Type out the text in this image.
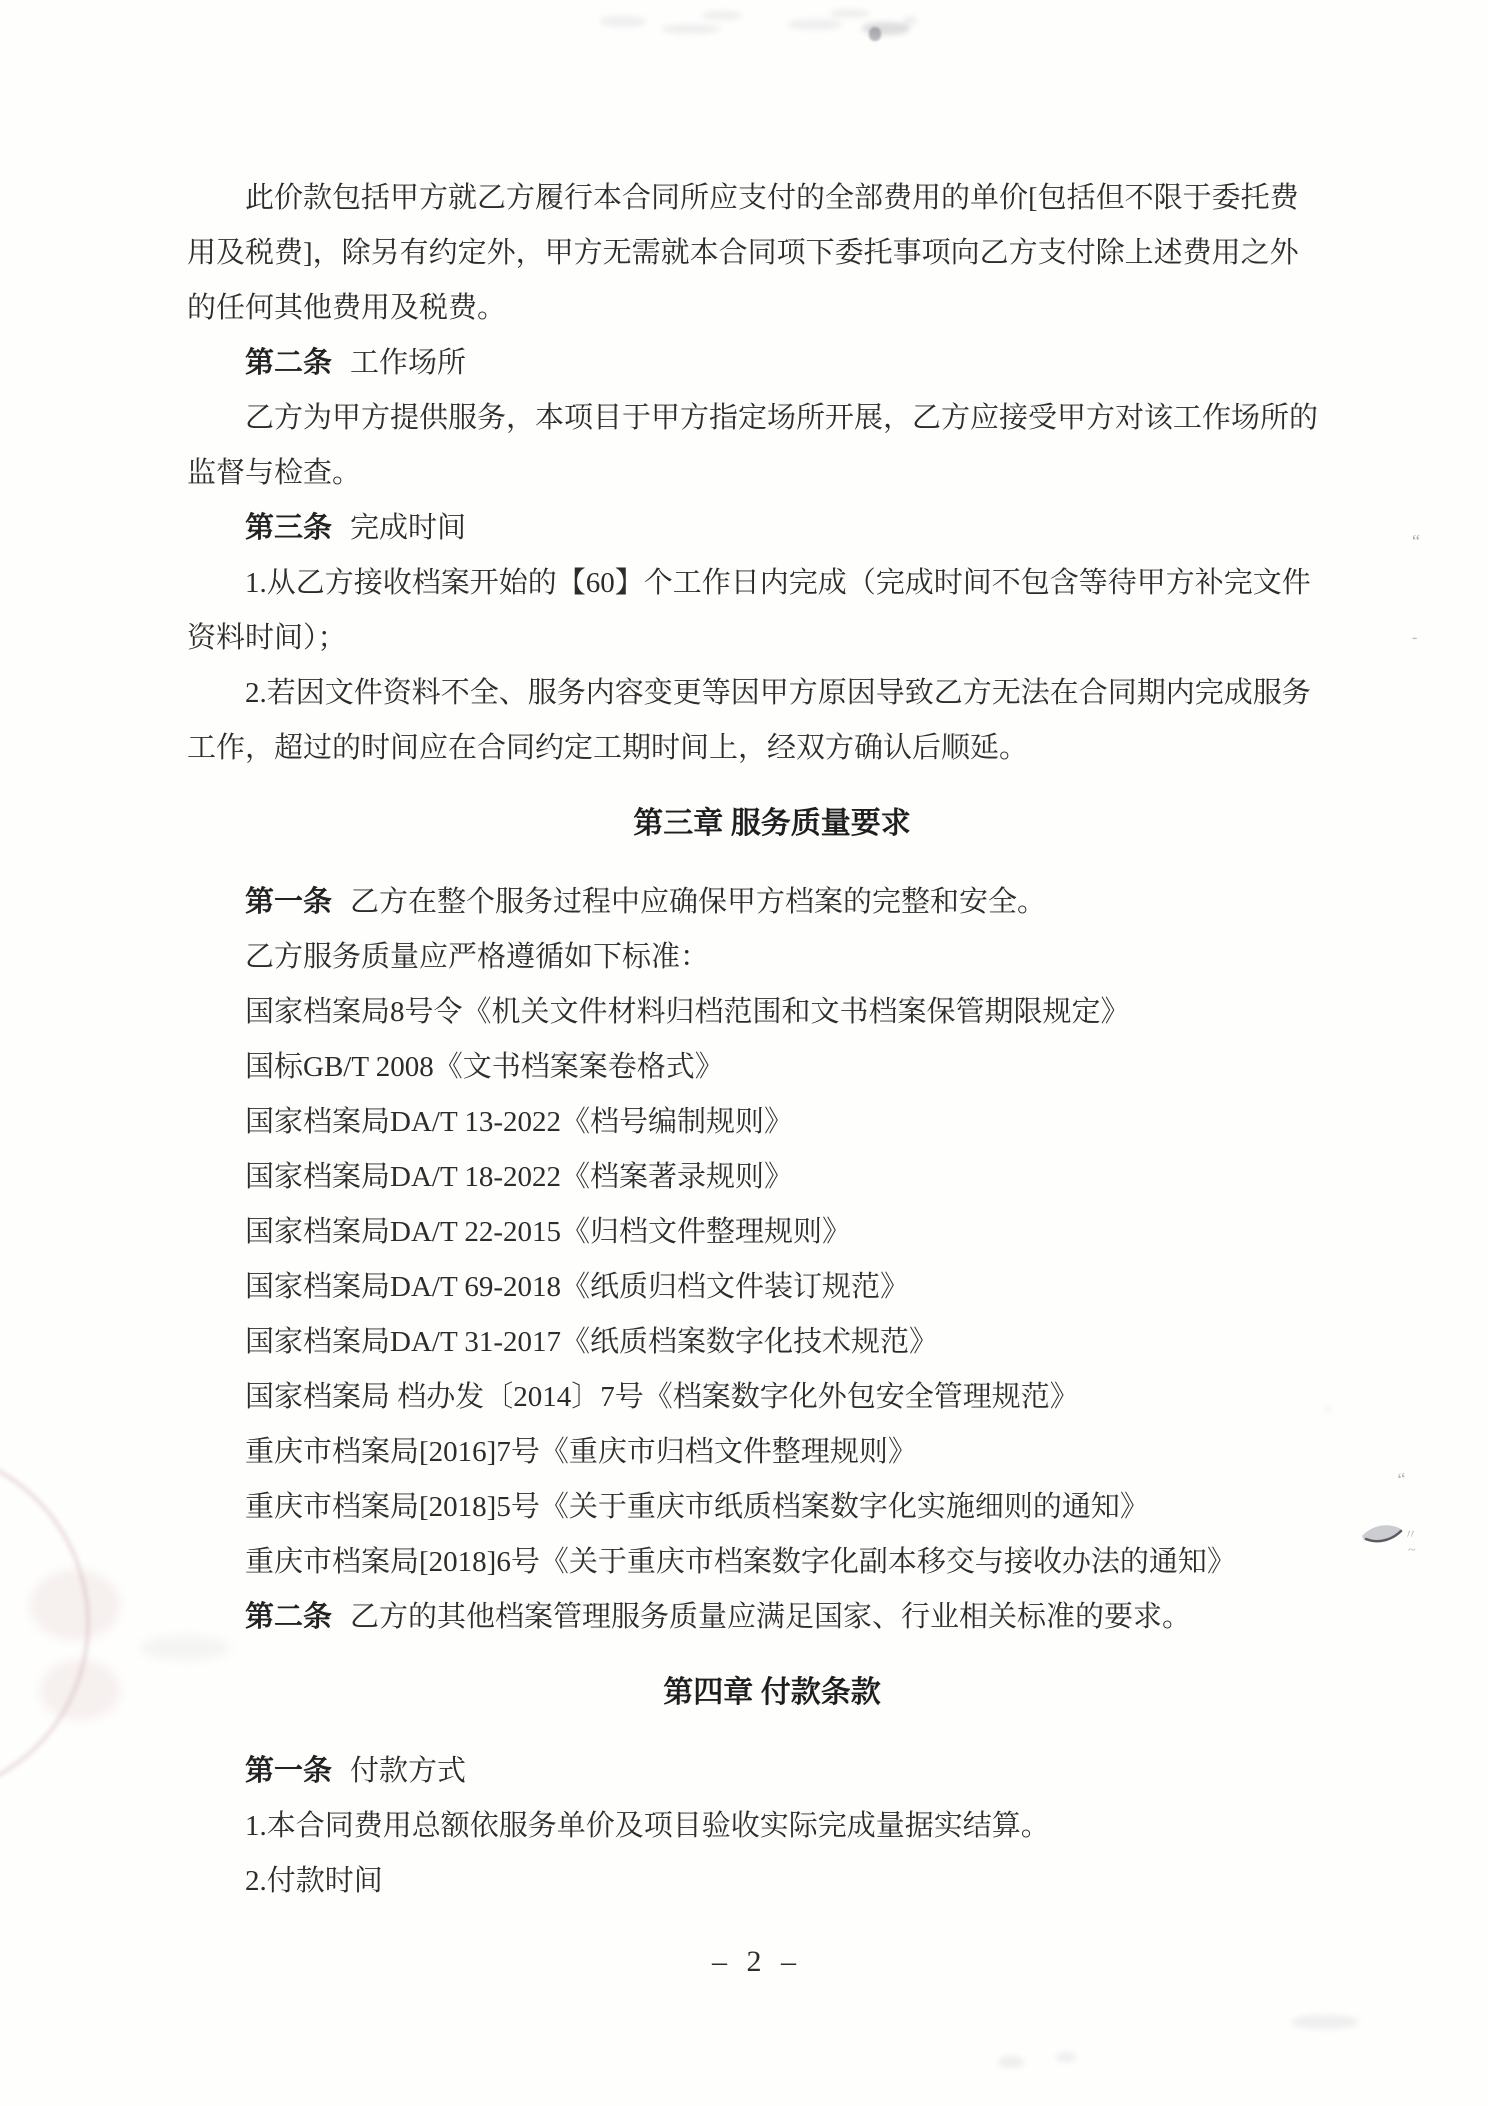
此价款包括甲方就乙方履行本合同所应支付的全部费用的单价[包括但不限于委托费
用及税费]，除另有约定外，甲方无需就本合同项下委托事项向乙方支付除上述费用之外
的任何其他费用及税费。
第二条 工作场所
乙方为甲方提供服务，本项目于甲方指定场所开展，乙方应接受甲方对该工作场所的
监督与检查。
第三条 完成时间
1.从乙方接收档案开始的【60】个工作日内完成（完成时间不包含等待甲方补完文件
资料时间）；
2.若因文件资料不全、服务内容变更等因甲方原因导致乙方无法在合同期内完成服务
工作，超过的时间应在合同约定工期时间上，经双方确认后顺延。
第三章 服务质量要求
第一条 乙方在整个服务过程中应确保甲方档案的完整和安全。
乙方服务质量应严格遵循如下标准：
国家档案局8号令《机关文件材料归档范围和文书档案保管期限规定》
国标GB/T 2008《文书档案案卷格式》
国家档案局DA/T 13-2022《档号编制规则》
国家档案局DA/T 18-2022《档案著录规则》
国家档案局DA/T 22-2015《归档文件整理规则》
国家档案局DA/T 69-2018《纸质归档文件装订规范》
国家档案局DA/T 31-2017《纸质档案数字化技术规范》
国家档案局 档办发〔2014〕7号《档案数字化外包安全管理规范》
重庆市档案局[2016]7号《重庆市归档文件整理规则》
重庆市档案局[2018]5号《关于重庆市纸质档案数字化实施细则的通知》
重庆市档案局[2018]6号《关于重庆市档案数字化副本移交与接收办法的通知》
第二条 乙方的其他档案管理服务质量应满足国家、行业相关标准的要求。
第四章 付款条款
第一条 付款方式
1.本合同费用总额依服务单价及项目验收实际完成量据实结算。
2.付款时间
– 2 –
“
-
“
〃
~
